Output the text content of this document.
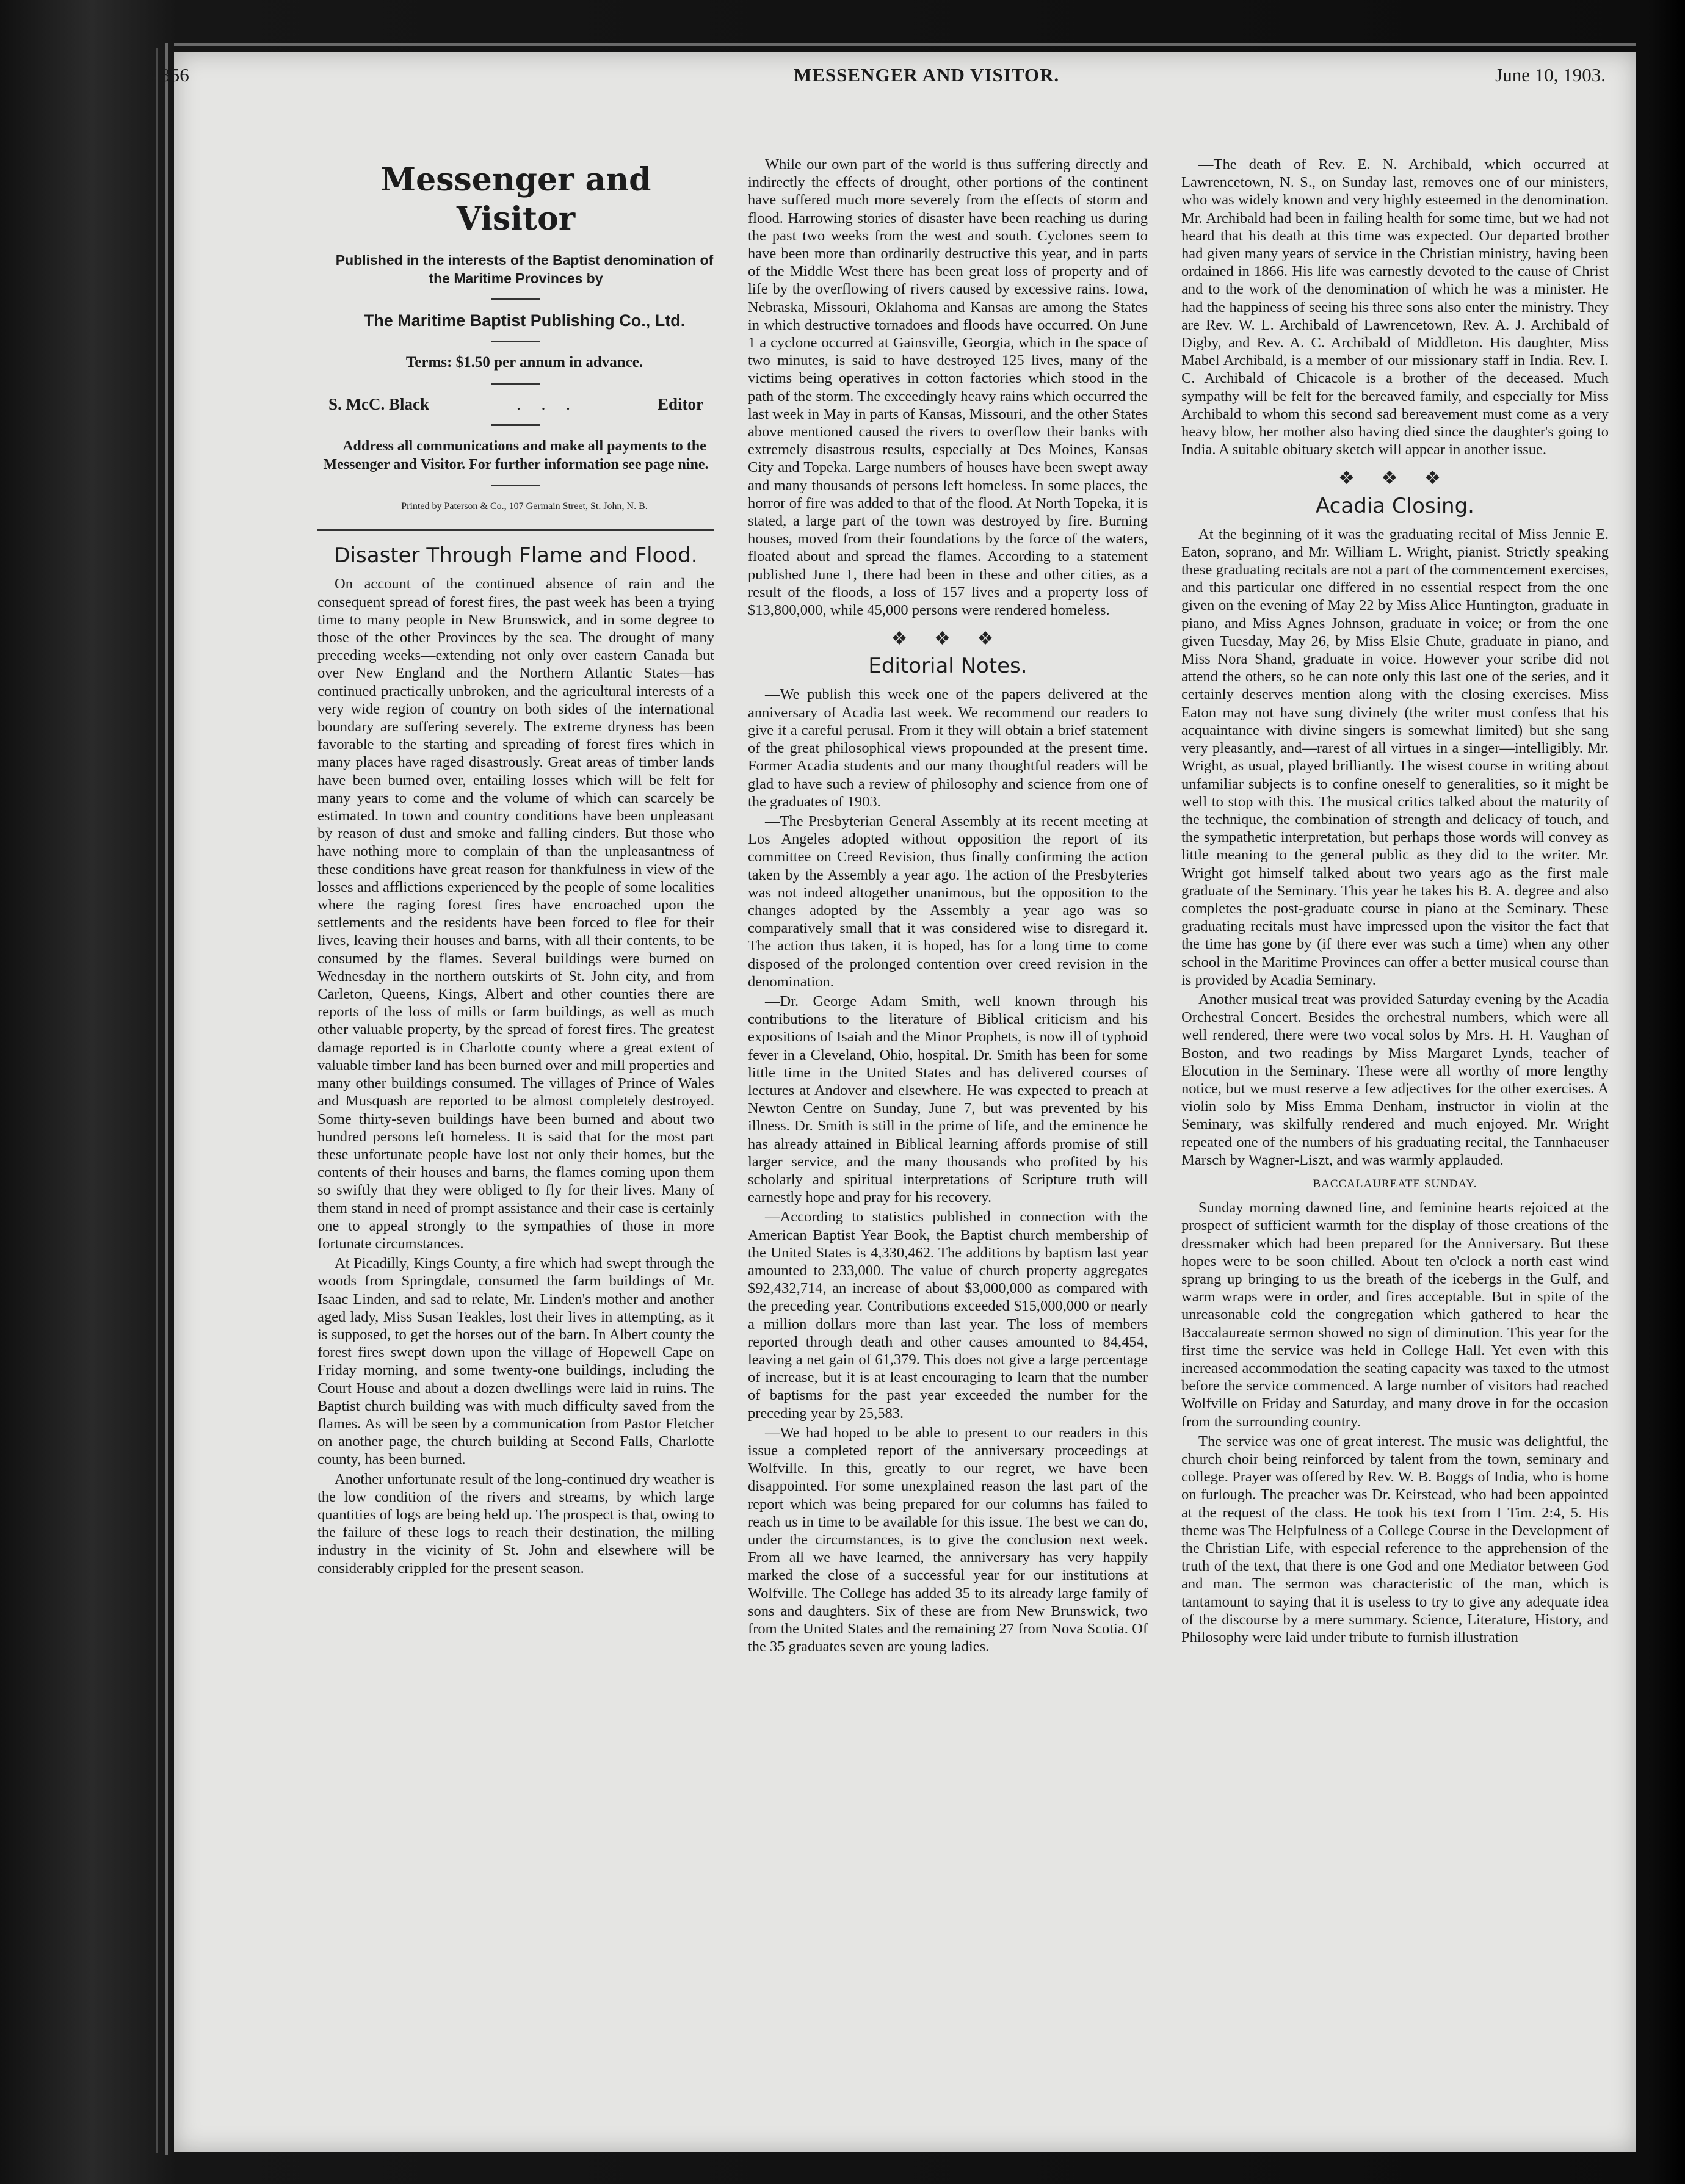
4 356	MESSENGER AND VISITOR.	June 10, 1903.
Messenger and Visitor

Published in the interests of the Baptist denomination of the Maritime Provinces by

The Maritime Baptist Publishing Co., Ltd.

Terms: $1.50 per annum in advance.

S. McC. Black	.     .     .	Editor

Address all communications and make all payments to the Messenger and Visitor. For further information see page nine.

Printed by Paterson & Co., 107 Germain Street, St. John, N. B.

Disaster Through Flame and Flood.

On account of the continued absence of rain and the consequent spread of forest fires, the past week has been a trying time to many people in New Brunswick, and in some degree to those of the other Provinces by the sea. The drought of many preceding weeks—extending not only over eastern Canada but over New England and the Northern Atlantic States—has continued practically unbroken, and the agricultural interests of a very wide region of country on both sides of the international boundary are suffering severely. The extreme dryness has been favorable to the starting and spreading of forest fires which in many places have raged disastrously. Great areas of timber lands have been burned over, entailing losses which will be felt for many years to come and the volume of which can scarcely be estimated. In town and country conditions have been unpleasant by reason of dust and smoke and falling cinders. But those who have nothing more to complain of than the unpleasantness of these conditions have great reason for thankfulness in view of the losses and afflictions experienced by the people of some localities where the raging forest fires have encroached upon the settlements and the residents have been forced to flee for their lives, leaving their houses and barns, with all their contents, to be consumed by the flames. Several buildings were burned on Wednesday in the northern outskirts of St. John city, and from Carleton, Queens, Kings, Albert and other counties there are reports of the loss of mills or farm buildings, as well as much other valuable property, by the spread of forest fires. The greatest damage reported is in Charlotte county where a great extent of valuable timber land has been burned over and mill properties and many other buildings consumed. The villages of Prince of Wales and Musquash are reported to be almost completely destroyed. Some thirty-seven buildings have been burned and about two hundred persons left homeless. It is said that for the most part these unfortunate people have lost not only their homes, but the contents of their houses and barns, the flames coming upon them so swiftly that they were obliged to fly for their lives. Many of them stand in need of prompt assistance and their case is certainly one to appeal strongly to the sympathies of those in more fortunate circumstances.

At Picadilly, Kings County, a fire which had swept through the woods from Springdale, consumed the farm buildings of Mr. Isaac Linden, and sad to relate, Mr. Linden's mother and another aged lady, Miss Susan Teakles, lost their lives in attempting, as it is supposed, to get the horses out of the barn. In Albert county the forest fires swept down upon the village of Hopewell Cape on Friday morning, and some twenty-one buildings, including the Court House and about a dozen dwellings were laid in ruins. The Baptist church building was with much difficulty saved from the flames. As will be seen by a communication from Pastor Fletcher on another page, the church building at Second Falls, Charlotte county, has been burned.

Another unfortunate result of the long-continued dry weather is the low condition of the rivers and streams, by which large quantities of logs are being held up. The prospect is that, owing to the failure of these logs to reach their destination, the milling industry in the vicinity of St. John and elsewhere will be considerably crippled for the present season.

While our own part of the world is thus suffering directly and indirectly the effects of drought, other portions of the continent have suffered much more severely from the effects of storm and flood. Harrowing stories of disaster have been reaching us during the past two weeks from the west and south. Cyclones seem to have been more than ordinarily destructive this year, and in parts of the Middle West there has been great loss of property and of life by the overflowing of rivers caused by excessive rains. Iowa, Nebraska, Missouri, Oklahoma and Kansas are among the States in which destructive tornadoes and floods have occurred. On June 1 a cyclone occurred at Gainsville, Georgia, which in the space of two minutes, is said to have destroyed 125 lives, many of the victims being operatives in cotton factories which stood in the path of the storm. The exceedingly heavy rains which occurred the last week in May in parts of Kansas, Missouri, and the other States above mentioned caused the rivers to overflow their banks with extremely disastrous results, especially at Des Moines, Kansas City and Topeka. Large numbers of houses have been swept away and many thousands of persons left homeless. In some places, the horror of fire was added to that of the flood. At North Topeka, it is stated, a large part of the town was destroyed by fire. Burning houses, moved from their foundations by the force of the waters, floated about and spread the flames. According to a statement published June 1, there had been in these and other cities, as a result of the floods, a loss of 157 lives and a property loss of $13,800,000, while 45,000 persons were rendered homeless.

❖ ❖ ❖
Editorial Notes.

—We publish this week one of the papers delivered at the anniversary of Acadia last week. We recommend our readers to give it a careful perusal. From it they will obtain a brief statement of the great philosophical views propounded at the present time. Former Acadia students and our many thoughtful readers will be glad to have such a review of philosophy and science from one of the graduates of 1903.

—The Presbyterian General Assembly at its recent meeting at Los Angeles adopted without opposition the report of its committee on Creed Revision, thus finally confirming the action taken by the Assembly a year ago. The action of the Presbyteries was not indeed altogether unanimous, but the opposition to the changes adopted by the Assembly a year ago was so comparatively small that it was considered wise to disregard it. The action thus taken, it is hoped, has for a long time to come disposed of the prolonged contention over creed revision in the denomination.

—Dr. George Adam Smith, well known through his contributions to the literature of Biblical criticism and his expositions of Isaiah and the Minor Prophets, is now ill of typhoid fever in a Cleveland, Ohio, hospital. Dr. Smith has been for some little time in the United States and has delivered courses of lectures at Andover and elsewhere. He was expected to preach at Newton Centre on Sunday, June 7, but was prevented by his illness. Dr. Smith is still in the prime of life, and the eminence he has already attained in Biblical learning affords promise of still larger service, and the many thousands who profited by his scholarly and spiritual interpretations of Scripture truth will earnestly hope and pray for his recovery.

—According to statistics published in connection with the American Baptist Year Book, the Baptist church membership of the United States is 4,330,462. The additions by baptism last year amounted to 233,000. The value of church property aggregates $92,432,714, an increase of about $3,000,000 as compared with the preceding year. Contributions exceeded $15,000,000 or nearly a million dollars more than last year. The loss of members reported through death and other causes amounted to 84,454, leaving a net gain of 61,379. This does not give a large percentage of increase, but it is at least encouraging to learn that the number of baptisms for the past year exceeded the number for the preceding year by 25,583.

—We had hoped to be able to present to our readers in this issue a completed report of the anniversary proceedings at Wolfville. In this, greatly to our regret, we have been disappointed. For some unexplained reason the last part of the report which was being prepared for our columns has failed to reach us in time to be available for this issue. The best we can do, under the circumstances, is to give the conclusion next week. From all we have learned, the anniversary has very happily marked the close of a successful year for our institutions at Wolfville. The College has added 35 to its already large family of sons and daughters. Six of these are from New Brunswick, two from the United States and the remaining 27 from Nova Scotia. Of the 35 graduates seven are young ladies.

—The death of Rev. E. N. Archibald, which occurred at Lawrencetown, N. S., on Sunday last, removes one of our ministers, who was widely known and very highly esteemed in the denomination. Mr. Archibald had been in failing health for some time, but we had not heard that his death at this time was expected. Our departed brother had given many years of service in the Christian ministry, having been ordained in 1866. His life was earnestly devoted to the cause of Christ and to the work of the denomination of which he was a minister. He had the happiness of seeing his three sons also enter the ministry. They are Rev. W. L. Archibald of Lawrencetown, Rev. A. J. Archibald of Digby, and Rev. A. C. Archibald of Middleton. His daughter, Miss Mabel Archibald, is a member of our missionary staff in India. Rev. I. C. Archibald of Chicacole is a brother of the deceased. Much sympathy will be felt for the bereaved family, and especially for Miss Archibald to whom this second sad bereavement must come as a very heavy blow, her mother also having died since the daughter's going to India. A suitable obituary sketch will appear in another issue.

❖ ❖ ❖
Acadia Closing.

At the beginning of it was the graduating recital of Miss Jennie E. Eaton, soprano, and Mr. William L. Wright, pianist. Strictly speaking these graduating recitals are not a part of the commencement exercises, and this particular one differed in no essential respect from the one given on the evening of May 22 by Miss Alice Huntington, graduate in piano, and Miss Agnes Johnson, graduate in voice; or from the one given Tuesday, May 26, by Miss Elsie Chute, graduate in piano, and Miss Nora Shand, graduate in voice. However your scribe did not attend the others, so he can note only this last one of the series, and it certainly deserves mention along with the closing exercises. Miss Eaton may not have sung divinely (the writer must confess that his acquaintance with divine singers is somewhat limited) but she sang very pleasantly, and—rarest of all virtues in a singer—intelligibly. Mr. Wright, as usual, played brilliantly. The wisest course in writing about unfamiliar subjects is to confine oneself to generalities, so it might be well to stop with this. The musical critics talked about the maturity of the technique, the combination of strength and delicacy of touch, and the sympathetic interpretation, but perhaps those words will convey as little meaning to the general public as they did to the writer. Mr. Wright got himself talked about two years ago as the first male graduate of the Seminary. This year he takes his B. A. degree and also completes the post-graduate course in piano at the Seminary. These graduating recitals must have impressed upon the visitor the fact that the time has gone by (if there ever was such a time) when any other school in the Maritime Provinces can offer a better musical course than is provided by Acadia Seminary.

Another musical treat was provided Saturday evening by the Acadia Orchestral Concert. Besides the orchestral numbers, which were all well rendered, there were two vocal solos by Mrs. H. H. Vaughan of Boston, and two readings by Miss Margaret Lynds, teacher of Elocution in the Seminary. These were all worthy of more lengthy notice, but we must reserve a few adjectives for the other exercises. A violin solo by Miss Emma Denham, instructor in violin at the Seminary, was skilfully rendered and much enjoyed. Mr. Wright repeated one of the numbers of his graduating recital, the Tannhaeuser Marsch by Wagner-Liszt, and was warmly applauded.

BACCALAUREATE SUNDAY.

Sunday morning dawned fine, and feminine hearts rejoiced at the prospect of sufficient warmth for the display of those creations of the dressmaker which had been prepared for the Anniversary. But these hopes were to be soon chilled. About ten o'clock a north east wind sprang up bringing to us the breath of the icebergs in the Gulf, and warm wraps were in order, and fires acceptable. But in spite of the unreasonable cold the congregation which gathered to hear the Baccalaureate sermon showed no sign of diminution. This year for the first time the service was held in College Hall. Yet even with this increased accommodation the seating capacity was taxed to the utmost before the service commenced. A large number of visitors had reached Wolfville on Friday and Saturday, and many drove in for the occasion from the surrounding country.

The service was one of great interest. The music was delightful, the church choir being reinforced by talent from the town, seminary and college. Prayer was offered by Rev. W. B. Boggs of India, who is home on furlough. The preacher was Dr. Keirstead, who had been appointed at the request of the class. He took his text from I Tim. 2:4, 5. His theme was The Helpfulness of a College Course in the Development of the Christian Life, with especial reference to the apprehension of the truth of the text, that there is one God and one Mediator between God and man. The sermon was characteristic of the man, which is tantamount to saying that it is useless to try to give any adequate idea of the discourse by a mere summary. Science, Literature, History, and Philosophy were laid under tribute to furnish illustration
